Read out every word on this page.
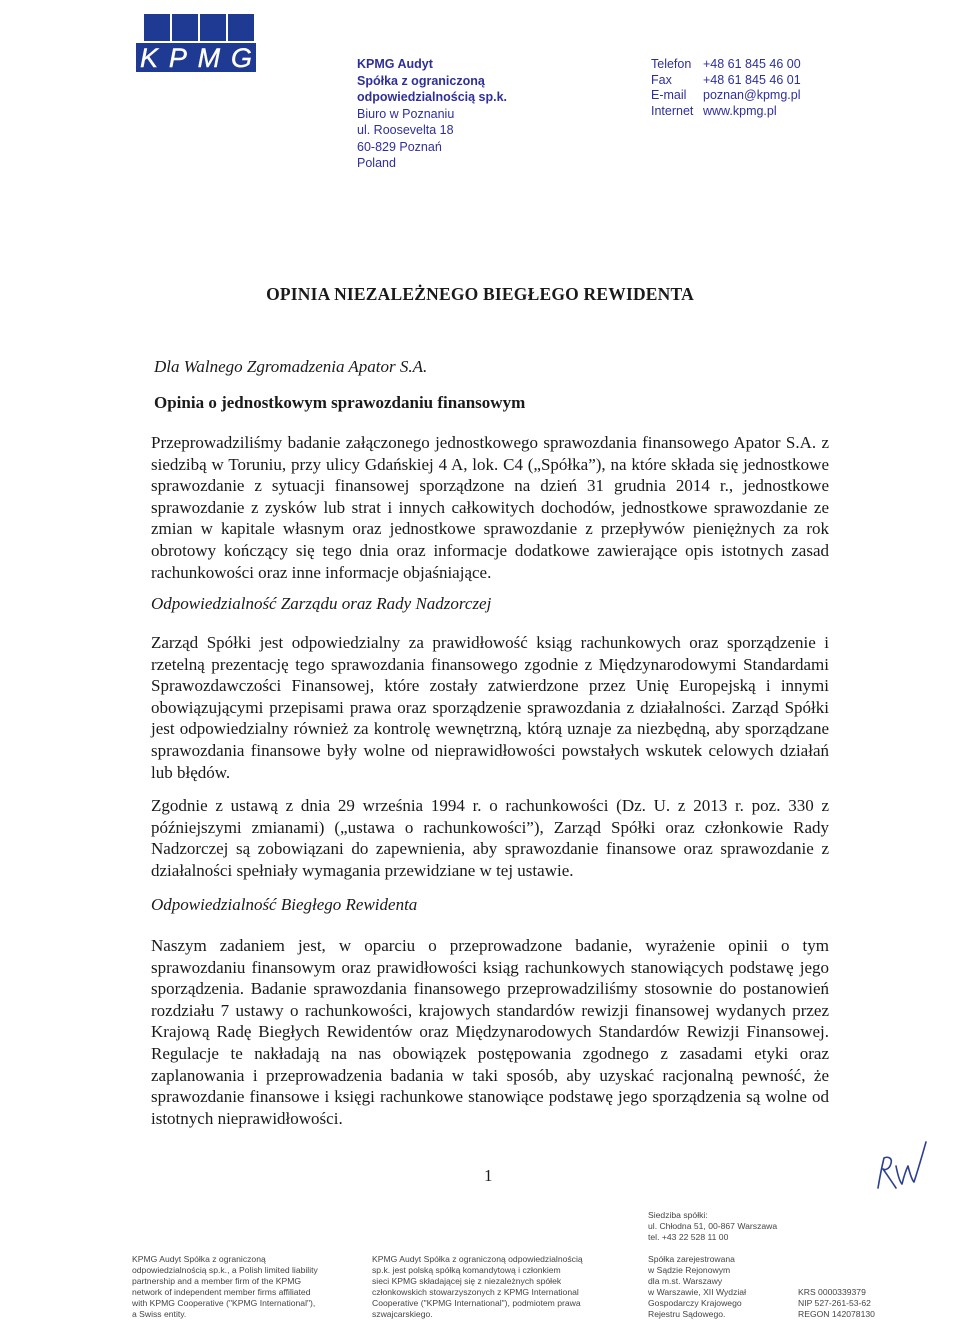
KPMG	KPMG Audyt
Spółka z ograniczoną
odpowiedzialnością sp.k.
Biuro w Poznaniu
ul. Roosevelta 18
60-829 Poznań
Poland
Telefon +48 61 845 46 00
Fax	+48 61 845 46 01
E-mail	poznan@kpmg.pl
Internet www.kpmg.pl
OPINIA NIEZALEŻNEGO BIEGŁEGO REWIDENTA
Dla Walnego Zgromadzenia Apator S.A.
Opinia o jednostkowym sprawozdaniu finansowym
Przeprowadziliśmy badanie załączonego jednostkowego sprawozdania finansowego Apator S.A. z siedzibą w Toruniu, przy ulicy Gdańskiej 4 A, lok. C4 („Spółka”), na które składa się jednostkowe sprawozdanie z sytuacji finansowej sporządzone na dzień 31 grudnia 2014 r., jednostkowe sprawozdanie z zysków lub strat i innych całkowitych dochodów, jednostkowe sprawozdanie ze zmian w kapitale własnym oraz jednostkowe sprawozdanie z przepływów pieniężnych za rok obrotowy kończący się tego dnia oraz informacje dodatkowe zawierające opis istotnych zasad rachunkowości oraz inne informacje objaśniające.
Odpowiedzialność Zarządu oraz Rady Nadzorczej
Zarząd Spółki jest odpowiedzialny za prawidłowość ksiąg rachunkowych oraz sporządzenie i rzetelną prezentację tego sprawozdania finansowego zgodnie z Międzynarodowymi Standardami Sprawozdawczości Finansowej, które zostały zatwierdzone przez Unię Europejską i innymi obowiązującymi przepisami prawa oraz sporządzenie sprawozdania z działalności. Zarząd Spółki jest odpowiedzialny również za kontrolę wewnętrzną, którą uznaje za niezbędną, aby sporządzane sprawozdania finansowe były wolne od nieprawidłowości powstałych wskutek celowych działań lub błędów.
Zgodnie z ustawą z dnia 29 września 1994 r. o rachunkowości (Dz. U. z 2013 r. poz. 330 z późniejszymi zmianami) („ustawa o rachunkowości”), Zarząd Spółki oraz członkowie Rady Nadzorczej są zobowiązani do zapewnienia, aby sprawozdanie finansowe oraz sprawozdanie z działalności spełniały wymagania przewidziane w tej ustawie.
Odpowiedzialność Biegłego Rewidenta
Naszym zadaniem jest, w oparciu o przeprowadzone badanie, wyrażenie opinii o tym sprawozdaniu finansowym oraz prawidłowości ksiąg rachunkowych stanowiących podstawę jego sporządzenia. Badanie sprawozdania finansowego przeprowadziliśmy stosownie do postanowień rozdziału 7 ustawy o rachunkowości, krajowych standardów rewizji finansowej wydanych przez Krajową Radę Biegłych Rewidentów oraz Międzynarodowych Standardów Rewizji Finansowej. Regulacje te nakładają na nas obowiązek postępowania zgodnego z zasadami etyki oraz zaplanowania i przeprowadzenia badania w taki sposób, aby uzyskać racjonalną pewność, że sprawozdanie finansowe i księgi rachunkowe stanowiące podstawę jego sporządzenia są wolne od istotnych nieprawidłowości.
1
Siedziba spółki:
ul. Chłodna 51, 00-867 Warszawa
tel. +43 22 528 11 00
KPMG Audyt Spółka z ograniczoną
odpowiedzialnością sp.k., a Polish limited liability
partnership and a member firm of the KPMG
network of independent member firms affiliated
with KPMG Cooperative ("KPMG International"),
a Swiss entity.
KPMG Audyt Spółka z ograniczoną odpowiedzialnością
sp.k. jest polską spółką komandytową i członkiem
sieci KPMG składającej się z niezależnych spółek
członkowskich stowarzyszonych z KPMG International
Cooperative ("KPMG International"), podmiotem prawa
szwajcarskiego.
Spółka zarejestrowana
w Sądzie Rejonowym
dla m.st. Warszawy
w Warszawie, XII Wydział
Gospodarczy Krajowego
Rejestru Sądowego.
KRS 0000339379
NIP 527-261-53-62
REGON 142078130
